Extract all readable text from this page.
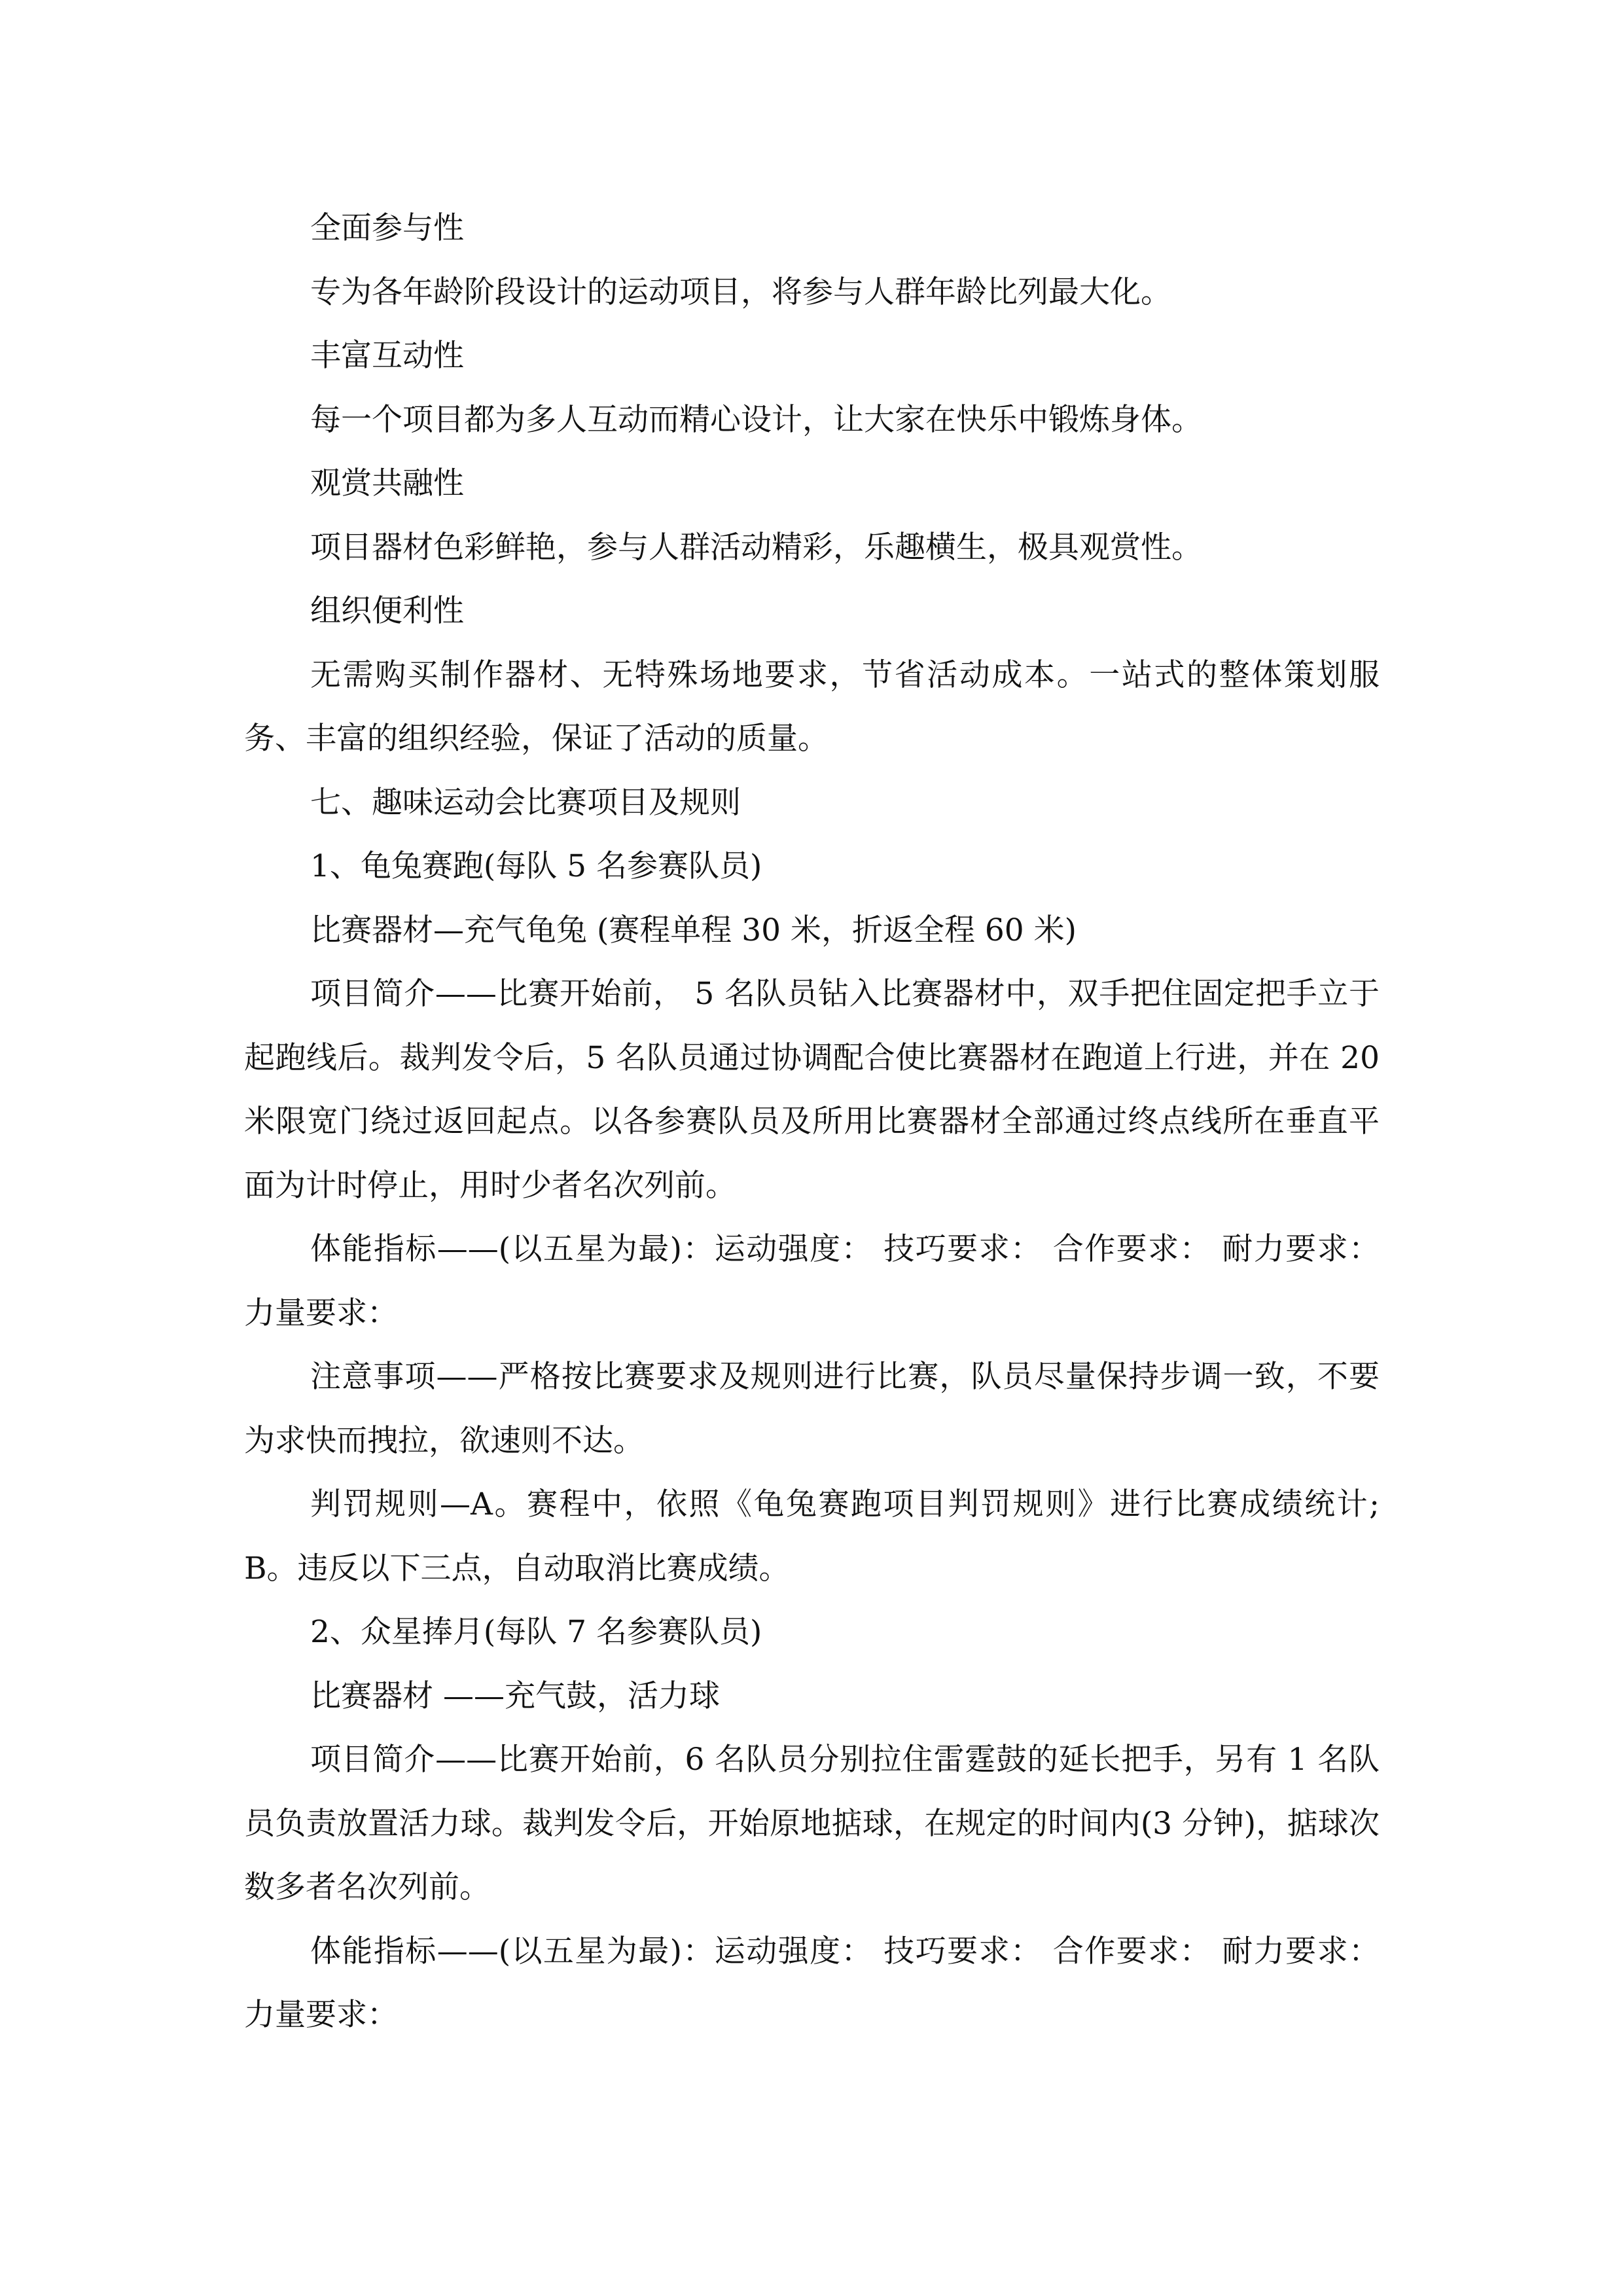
全面参与性

专为各年龄阶段设计的运动项目，将参与人群年龄比列最大化。

丰富互动性

每一个项目都为多人互动而精心设计，让大家在快乐中锻炼身体。

观赏共融性

项目器材色彩鲜艳，参与人群活动精彩，乐趣横生，极具观赏性。

组织便利性

无需购买制作器材、无特殊场地要求，节省活动成本。一站式的整体策划服务、丰富的组织经验，保证了活动的质量。

七、趣味运动会比赛项目及规则

1、龟兔赛跑(每队 5 名参赛队员)

比赛器材—充气龟兔 (赛程单程 30 米，折返全程 60 米)

项目简介——比赛开始前， 5 名队员钻入比赛器材中，双手把住固定把手立于起跑线后。裁判发令后，5 名队员通过协调配合使比赛器材在跑道上行进，并在 20 米限宽门绕过返回起点。以各参赛队员及所用比赛器材全部通过终点线所在垂直平面为计时停止，用时少者名次列前。

体能指标——(以五星为最)：运动强度： 技巧要求： 合作要求： 耐力要求： 力量要求：

注意事项——严格按比赛要求及规则进行比赛，队员尽量保持步调一致，不要为求快而拽拉，欲速则不达。

判罚规则—A。赛程中，依照《龟兔赛跑项目判罚规则》进行比赛成绩统计;B。违反以下三点，自动取消比赛成绩。

2、众星捧月(每队 7 名参赛队员)

比赛器材 ——充气鼓，活力球

项目简介——比赛开始前，6 名队员分别拉住雷霆鼓的延长把手，另有 1 名队员负责放置活力球。裁判发令后，开始原地掂球，在规定的时间内(3 分钟)，掂球次数多者名次列前。

体能指标——(以五星为最)：运动强度： 技巧要求： 合作要求： 耐力要求： 力量要求：
